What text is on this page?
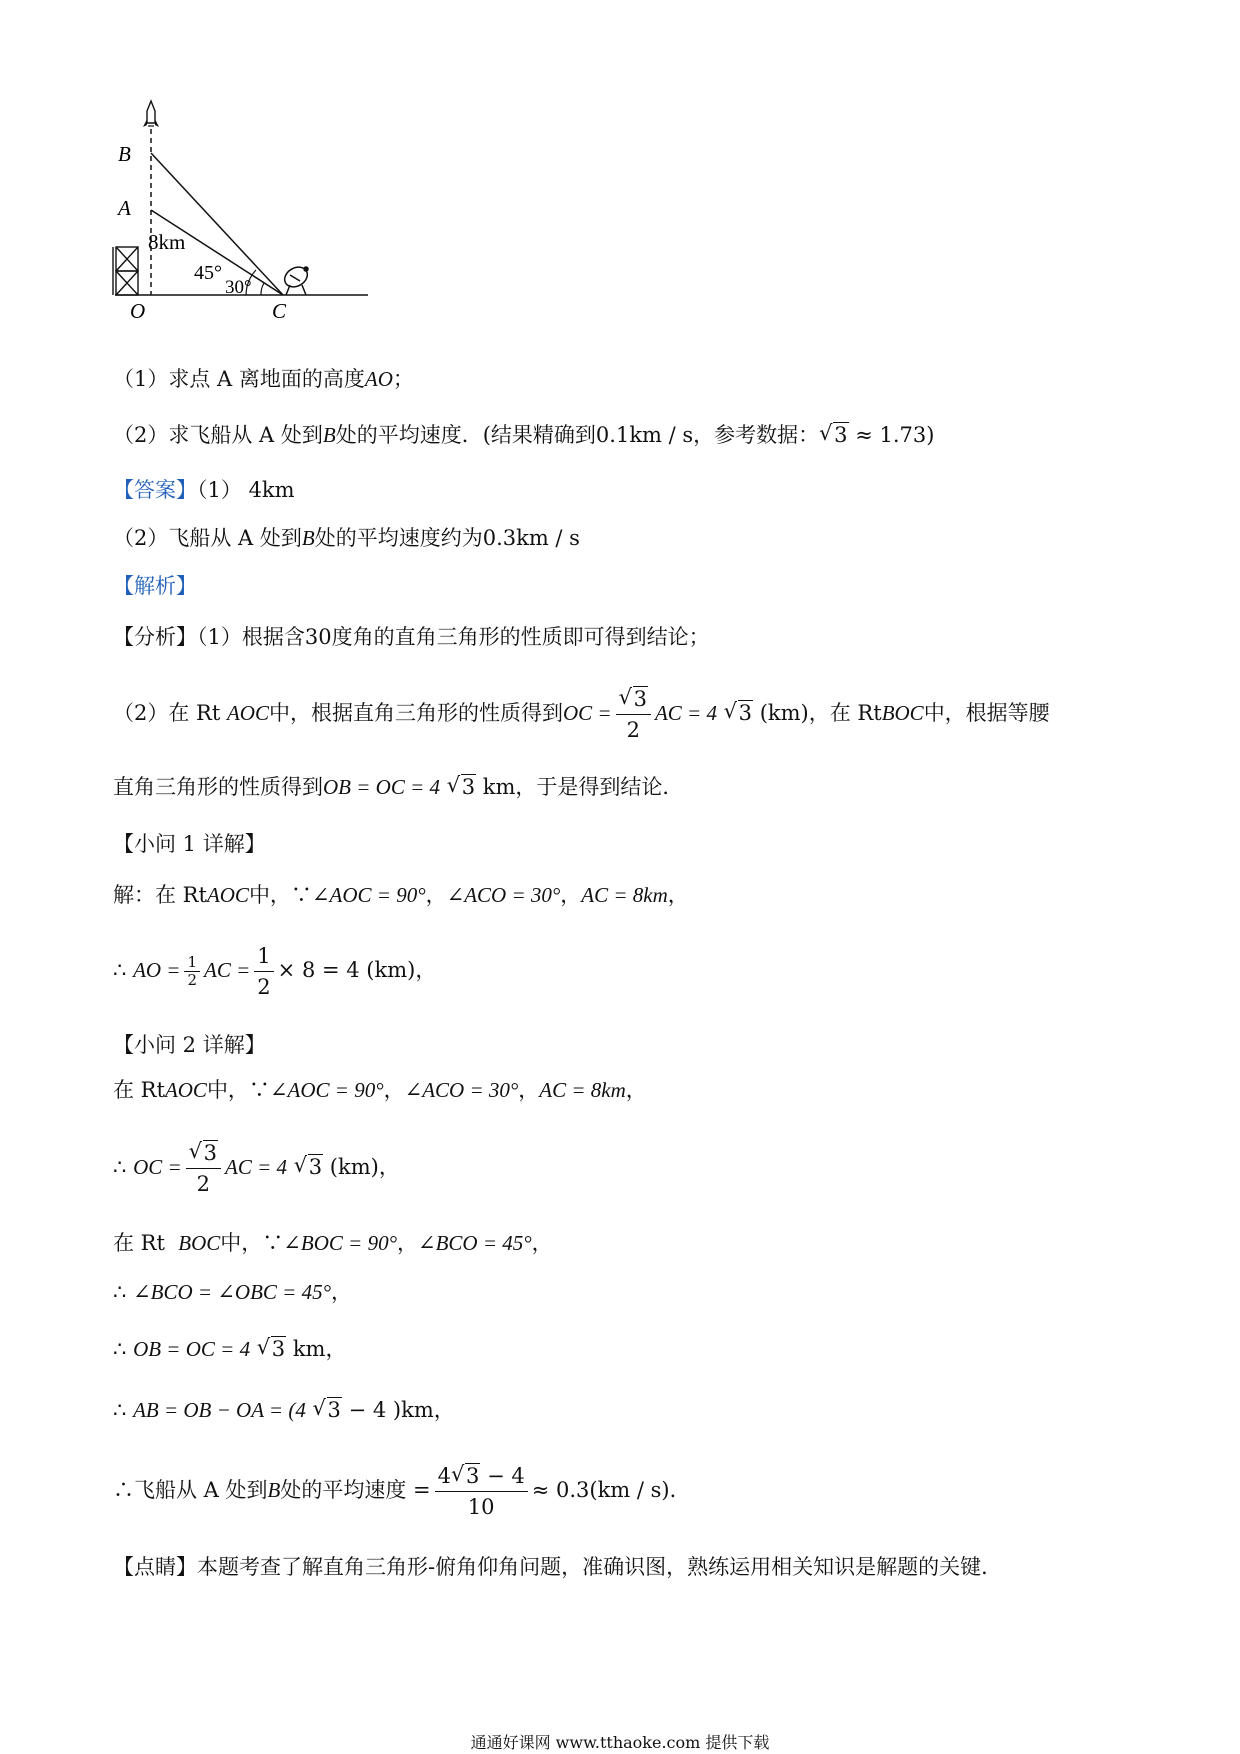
B
A
8km
45°
30°
O	C
（1）求点 A 离地面的高度AO；
（2）求飞船从 A 处到B处的平均速度．(结果精确到0.1km / s，参考数据： √ 3 ≈ 1.73)
【答案】（1） 4km
（2）飞船从 A 处到B处的平均速度约为0.3km / s
【解析】
【分析】（1）根据含30度角的直角三角形的性质即可得到结论；
（2）在 Rt AOC中，根据直角三角形的性质得到OC = √ $\frac{3}{2}$ AC = 4 √ 3 (km)，在 RtBOC中，根据等腰
直角三角形的性质得到OB = OC = 4 √ 3 km，于是得到结论．
【小问 1 详解】
解：在 RtAOC中，∵∠AOC = 90°，∠ACO = 30°，AC = 8km，
∴ AO = $\frac{1}{2}$ AC = $\frac{1}{2} \times 8 = 4$ (km)，
【小问 2 详解】
在 RtAOC中，∵∠AOC = 90°，∠ACO = 30°，AC = 8km，
∴ OC = √ $\frac{3}{2}$ AC = 4 √ 3 (km)，
在 Rt BOC中，∵∠BOC = 90°，∠BCO = 45°，
∴ ∠BCO = ∠OBC = 45°，
∴ OB = OC = 4 √ 3 km，
∴ AB = OB − OA = (4 √ 3 − 4 )km，
∴飞船从 A 处到B处的平均速度 = $\frac{4 √ 3 - 4}{10} \approx 0.3(km / s)$．
【点睛】本题考查了解直角三角形-俯角仰角问题，准确识图，熟练运用相关知识是解题的关键．
通通好课网 www.tthaoke.com 提供下载
